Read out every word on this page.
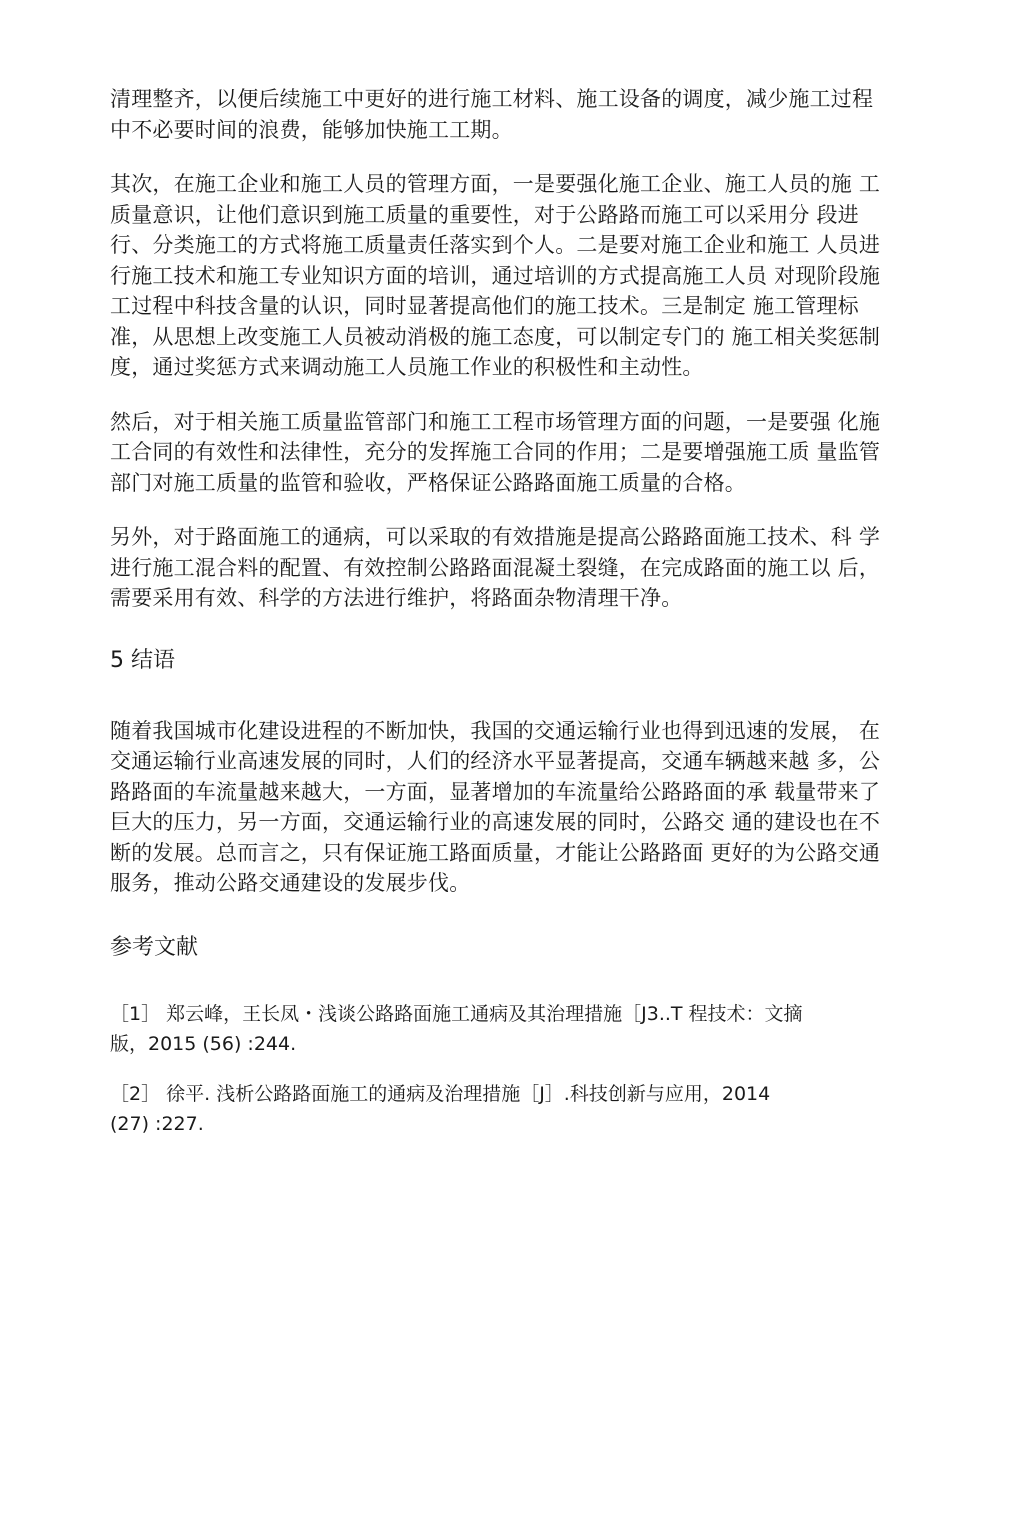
清理整齐，以便后续施工中更好的进行施工材料、施工设备的调度，减少施工过程
中不必要时间的浪费，能够加快施工工期。

其次，在施工企业和施工人员的管理方面，一是要强化施工企业、施工人员的施 工
质量意识，让他们意识到施工质量的重要性，对于公路路而施工可以采用分 段进
行、分类施工的方式将施工质量责任落实到个人。二是要对施工企业和施工 人员进
行施工技术和施工专业知识方面的培训，通过培训的方式提高施工人员 对现阶段施
工过程中科技含量的认识，同时显著提高他们的施工技术。三是制定 施工管理标
准，从思想上改变施工人员被动消极的施工态度，可以制定专门的 施工相关奖惩制
度，通过奖惩方式来调动施工人员施工作业的积极性和主动性。

然后，对于相关施工质量监管部门和施工工程市场管理方面的问题，一是要强 化施
工合同的有效性和法律性，充分的发挥施工合同的作用；二是要增强施工质 量监管
部门对施工质量的监管和验收，严格保证公路路面施工质量的合格。

另外，对于路面施工的通病，可以采取的有效措施是提高公路路面施工技术、科 学
进行施工混合料的配置、有效控制公路路面混凝土裂缝，在完成路面的施工以 后，
需要采用有效、科学的方法进行维护，将路面杂物清理干净。

5 结语

随着我国城市化建设进程的不断加快，我国的交通运输行业也得到迅速的发展， 在
交通运输行业高速发展的同时，人们的经济水平显著提高，交通车辆越来越 多，公
路路面的车流量越来越大，一方面，显著增加的车流量给公路路面的承 载量带来了
巨大的压力，另一方面，交通运输行业的高速发展的同时，公路交 通的建设也在不
断的发展。总而言之，只有保证施工路面质量，才能让公路路面 更好的为公路交通
服务，推动公路交通建设的发展步伐。

参考文献
［1］ 郑云峰，王长凤・浅谈公路路面施工通病及其治理措施［J3..T 程技术：文摘
版，2015 (56) :244.
［2］ 徐平. 浅析公路路面施工的通病及治理措施［J］.科技创新与应用，2014
(27) :227.
